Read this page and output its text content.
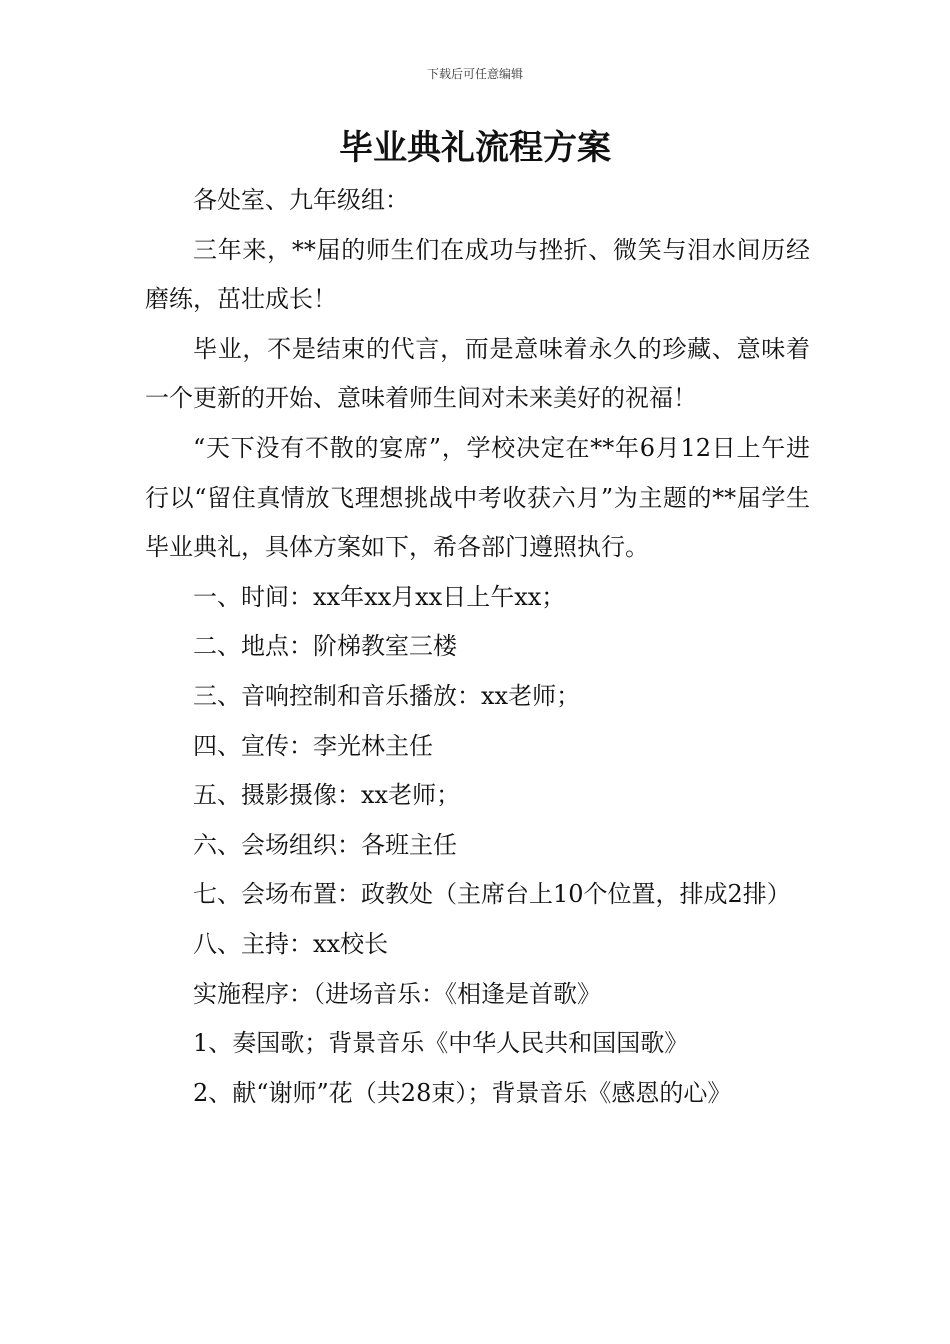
下载后可任意编辑
毕业典礼流程方案

各处室、九年级组：

三年来，**届的师生们在成功与挫折、微笑与泪水间历经磨练，茁壮成长！

毕业，不是结束的代言，而是意味着永久的珍藏、意味着一个更新的开始、意味着师生间对未来美好的祝福！

“天下没有不散的宴席”，学校决定在**年6月12日上午进行以“留住真情放飞理想挑战中考收获六月”为主题的**届学生毕业典礼，具体方案如下，希各部门遵照执行。

一、时间：xx年xx月xx日上午xx；

二、地点：阶梯教室三楼

三、音响控制和音乐播放：xx老师；

四、宣传：李光林主任

五、摄影摄像：xx老师；

六、会场组织：各班主任

七、会场布置：政教处（主席台上10个位置，排成2排）

八、主持：xx校长

实施程序：（进场音乐：《相逢是首歌》

1、奏国歌；背景音乐《中华人民共和国国歌》

2、献“谢师”花（共28束）；背景音乐《感恩的心》
